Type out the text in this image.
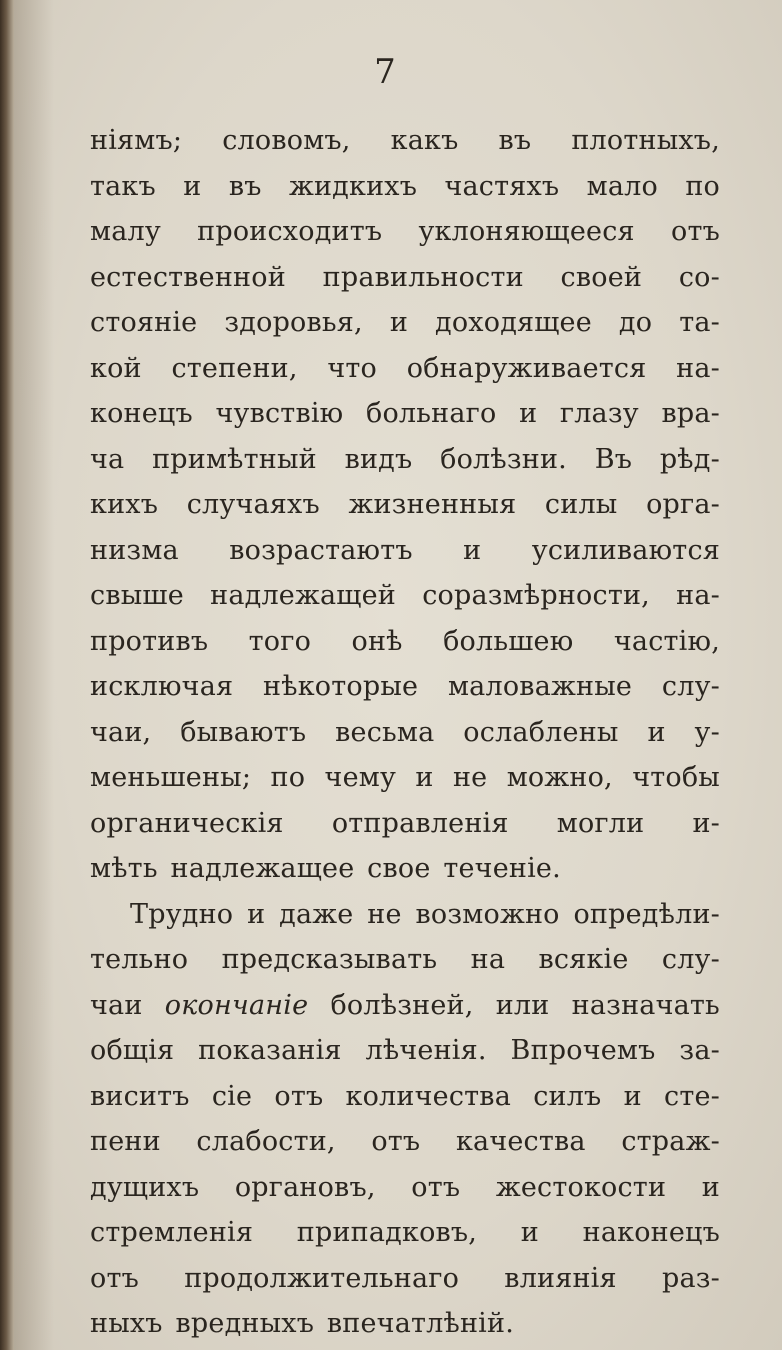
7
нiямъ; словомъ, какъ въ плотныхъ,
такъ и въ жидкихъ частяхъ мало по
малу происходитъ уклоняющееся отъ
естественной правильности своей со-
стоянiе здоровья, и доходящее до та-
кой степени, что обнаруживается на-
конецъ чувствiю больнаго и глазу вра-
ча примѣтный видъ болѣзни. Въ рѣд-
кихъ случаяхъ жизненныя силы орга-
низма возрастаютъ и усиливаются
свыше надлежащей соразмѣрности, на-
противъ того онѣ большею частiю,
исключая нѣкоторые маловажные слу-
чаи, бываютъ весьма ослаблены и у-
меньшены; по чему и не можно, чтобы
органическiя отправленiя могли и-
мѣть
надлежащее
свое
теченiе.
Трудно и даже не возможно опредѣли-
тельно предсказывать на всякiе слу-
чаи окончанiе болѣзней, или назначать
общiя показанiя лѣченiя. Впрочемъ за-
виситъ сiе отъ количества силъ и сте-
пени слабости, отъ качества страж-
дущихъ органовъ, отъ жестокости и
стремленiя припадковъ, и наконецъ
отъ продолжительнаго влиянiя раз-
ныхъ
вредныхъ
впечатлѣнiй.
